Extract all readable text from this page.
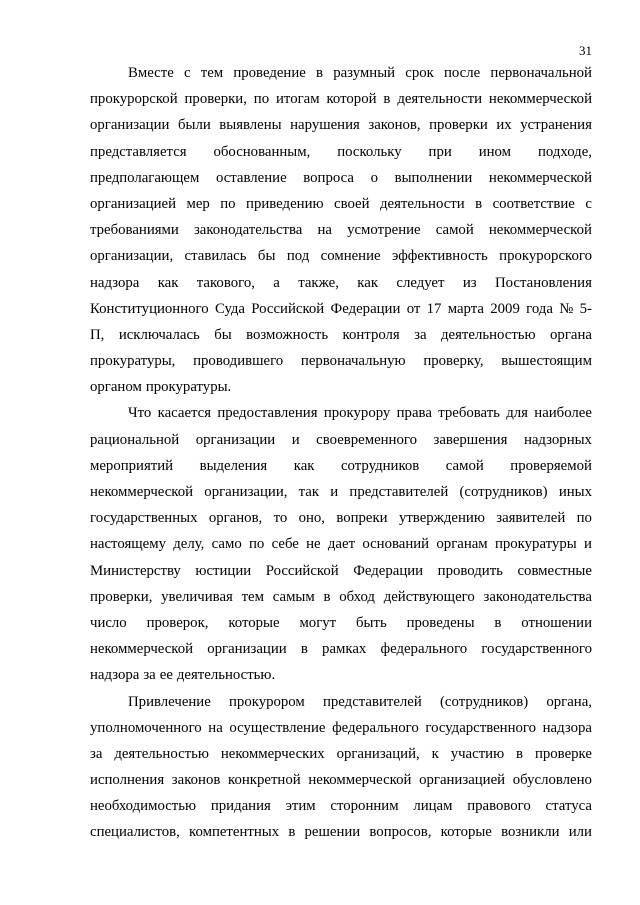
31
Вместе с тем проведение в разумный срок после первоначальной
прокурорской проверки, по итогам которой в деятельности некоммерческой
организации были выявлены нарушения законов, проверки их устранения
представляется обоснованным, поскольку при ином подходе,
предполагающем оставление вопроса о выполнении некоммерческой
организацией мер по приведению своей деятельности в соответствие с
требованиями законодательства на усмотрение самой некоммерческой
организации, ставилась бы под сомнение эффективность прокурорского
надзора как такового, а также, как следует из Постановления
Конституционного Суда Российской Федерации от 17 марта 2009 года № 5-
П, исключалась бы возможность контроля за деятельностью органа
прокуратуры, проводившего первоначальную проверку, вышестоящим
органом прокуратуры.
Что касается предоставления прокурору права требовать для наиболее
рациональной организации и своевременного завершения надзорных
мероприятий выделения как сотрудников самой проверяемой
некоммерческой организации, так и представителей (сотрудников) иных
государственных органов, то оно, вопреки утверждению заявителей по
настоящему делу, само по себе не дает оснований органам прокуратуры и
Министерству юстиции Российской Федерации проводить совместные
проверки, увеличивая тем самым в обход действующего законодательства
число проверок, которые могут быть проведены в отношении
некоммерческой организации в рамках федерального государственного
надзора за ее деятельностью.
Привлечение прокурором представителей (сотрудников) органа,
уполномоченного на осуществление федерального государственного надзора
за деятельностью некоммерческих организаций, к участию в проверке
исполнения законов конкретной некоммерческой организацией обусловлено
необходимостью придания этим сторонним лицам правового статуса
специалистов, компетентных в решении вопросов, которые возникли или
